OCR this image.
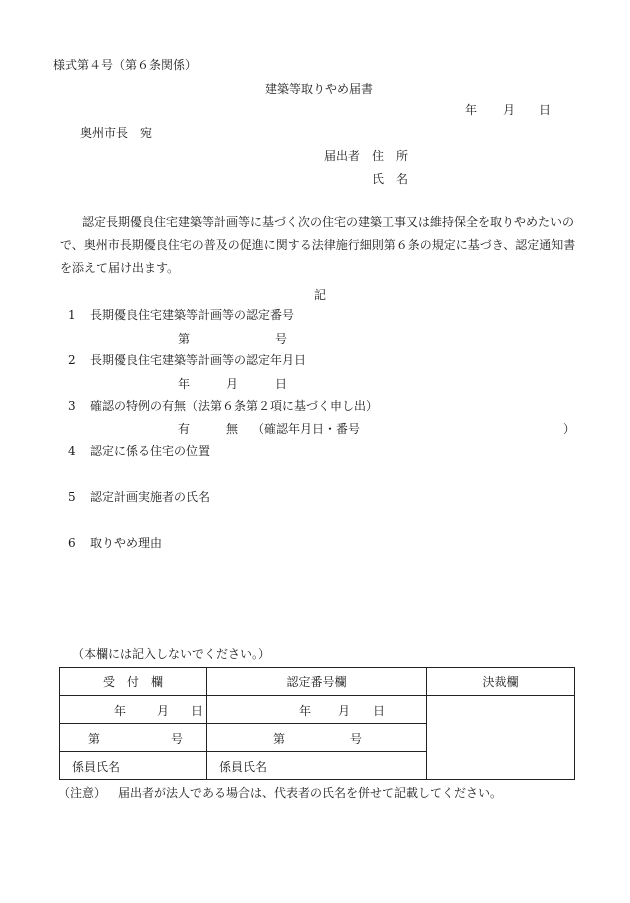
様式第４号（第６条関係）
建築等取りやめ届書
年 月 日
奥州市長　宛
届出者 住　所
氏　名
認定長期優良住宅建築等計画等に基づく次の住宅の建築工事又は維持保全を取りやめたいので、奥州市長期優良住宅の普及の促進に関する法律施行細則第６条の規定に基づき、認定通知書を添えて届け出ます。
記
1 長期優良住宅建築等計画等の認定番号
第	号
2 長期優良住宅建築等計画等の認定年月日
年	月	日
3 確認の特例の有無（法第６条第２項に基づく申し出）
有	無 （確認年月日・番号	）
4 認定に係る住宅の位置
5 認定計画実施者の氏名
6 取りやめ理由
（本欄には記入しないでください。）
受　付　欄	認定番号欄	決裁欄

年 月 日	年 月 日	

第 号	第 号	

係員氏名	係員氏名	
（注意） 届出者が法人である場合は、代表者の氏名を併せて記載してください。
